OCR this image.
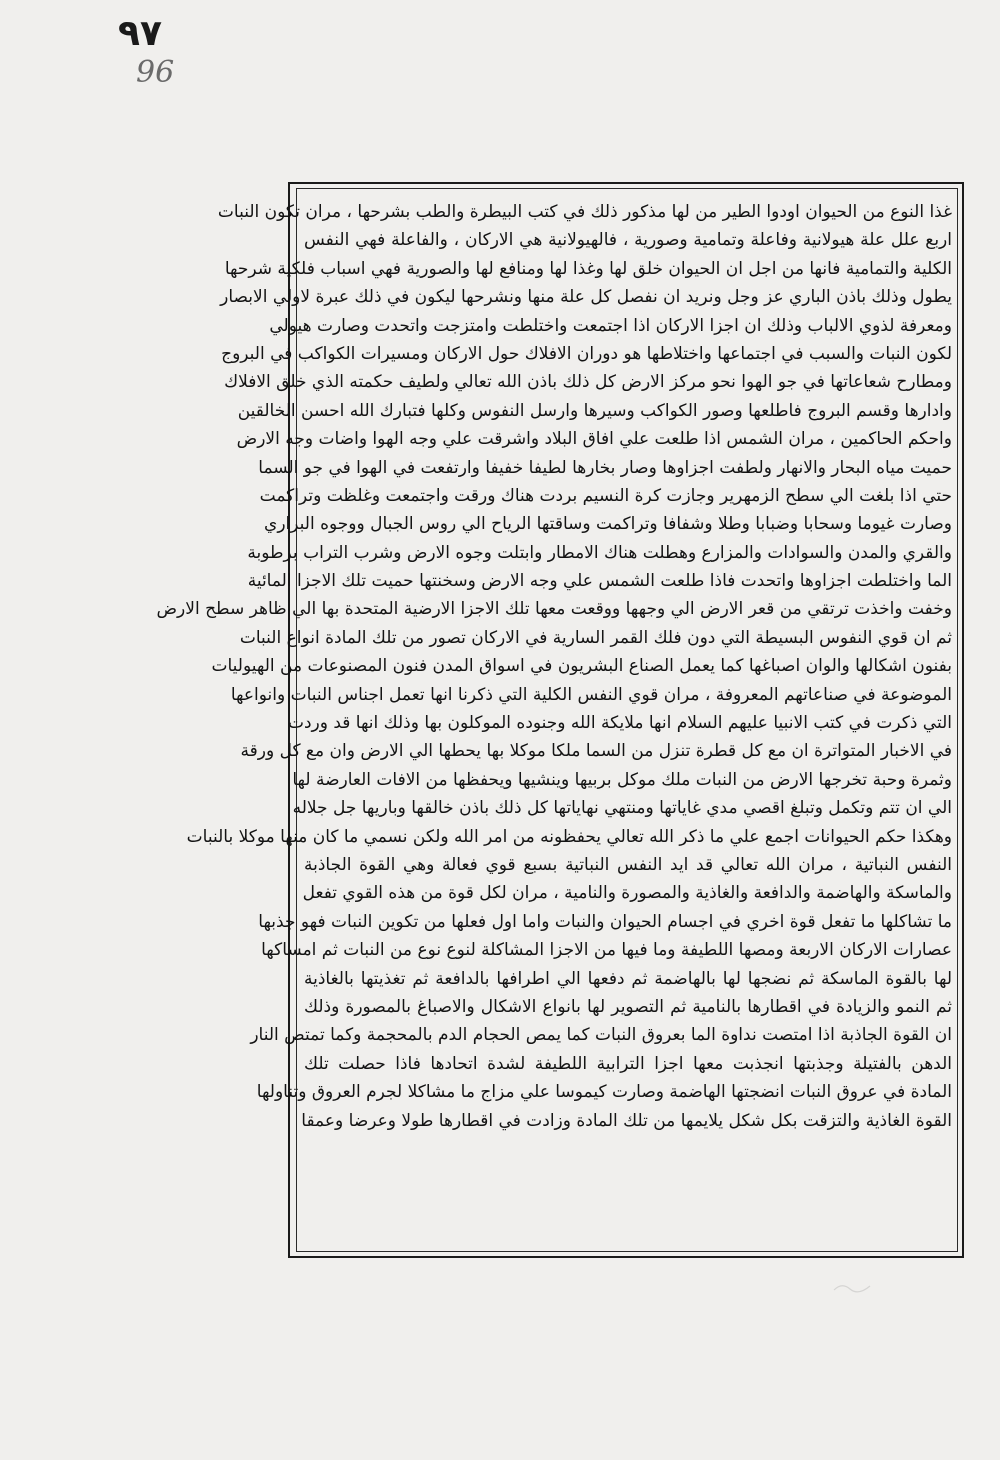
٩٧
96
غذا النوع من الحيوان اودوا الطير من لها مذكور ذلك في كتب البيطرة والطب بشرحها ، مران تكون النبات
اربع علل علة هيولانية وفاعلة وتمامية وصورية ، فالهيولانية هي الاركان ، والفاعلة فهي النفس
الكلية والتمامية فانها من اجل ان الحيوان خلق لها وغذا لها ومنافع لها والصورية فهي اسباب فلكية شرحها
يطول وذلك باذن الباري عز وجل ونريد ان نفصل كل علة منها ونشرحها ليكون في ذلك عبرة لاولي الابصار
ومعرفة لذوي الالباب وذلك ان اجزا الاركان اذا اجتمعت واختلطت وامتزجت واتحدت وصارت هيولي
لكون النبات والسبب في اجتماعها واختلاطها هو دوران الافلاك حول الاركان ومسيرات الكواكب في البروج
ومطارح شعاعاتها في جو الهوا نحو مركز الارض كل ذلك باذن الله تعالي ولطيف حكمته الذي خلق الافلاك
وادارها وقسم البروج فاطلعها وصور الكواكب وسيرها وارسل النفوس وكلها فتبارك الله احسن الخالقين
واحكم الحاكمين ، مران الشمس اذا طلعت علي افاق البلاد واشرقت علي وجه الهوا واضات وجه الارض
حميت مياه البحار والانهار ولطفت اجزاوها وصار بخارها لطيفا خفيفا وارتفعت في الهوا في جو السما
حتي اذا بلغت الي سطح الزمهرير وجازت كرة النسيم بردت هناك ورقت واجتمعت وغلظت وتراكمت
وصارت غيوما وسحابا وضبابا وطلا وشفافا وتراكمت وساقتها الرياح الي روس الجبال ووجوه البراري
والقري والمدن والسوادات والمزارع وهطلت هناك الامطار وابتلت وجوه الارض وشرب التراب برطوبة
الما واختلطت اجزاوها واتحدت فاذا طلعت الشمس علي وجه الارض وسخنتها حميت تلك الاجزا المائية
وخفت واخذت ترتقي من قعر الارض الي وجهها ووقعت معها تلك الاجزا الارضية المتحدة بها الي ظاهر سطح الارض
ثم ان قوي النفوس البسيطة التي دون فلك القمر السارية في الاركان تصور من تلك المادة انواع النبات
بفنون اشكالها والوان اصباغها كما يعمل الصناع البشريون في اسواق المدن فنون المصنوعات من الهيوليات
الموضوعة في صناعاتهم المعروفة ، مران قوي النفس الكلية التي ذكرنا انها تعمل اجناس النبات وانواعها
التي ذكرت في كتب الانبيا عليهم السلام انها ملايكة الله وجنوده الموكلون بها وذلك انها قد وردت
في الاخبار المتواترة ان مع كل قطرة تنزل من السما ملكا موكلا بها يحطها الي الارض وان مع كل ورقة
وثمرة وحبة تخرجها الارض من النبات ملك موكل بربيها وينشيها ويحفظها من الافات العارضة لها
الي ان تتم وتكمل وتبلغ اقصي مدي غاياتها ومنتهي نهاياتها كل ذلك باذن خالقها وباريها جل جلاله
وهكذا حكم الحيوانات اجمع علي ما ذكر الله تعالي يحفظونه من امر الله ولكن نسمي ما كان منها موكلا بالنبات
النفس النباتية ، مران الله تعالي قد ايد النفس النباتية بسبع قوي فعالة وهي القوة الجاذبة
والماسكة والهاضمة والدافعة والغاذية والمصورة والنامية ، مران لكل قوة من هذه القوي تفعل
ما تشاكلها ما تفعل قوة اخري في اجسام الحيوان والنبات واما اول فعلها من تكوين النبات فهو جذبها
عصارات الاركان الاربعة ومصها اللطيفة وما فيها من الاجزا المشاكلة لنوع نوع من النبات ثم امساكها
لها بالقوة الماسكة ثم نضجها لها بالهاضمة ثم دفعها الي اطرافها بالدافعة ثم تغذيتها بالغاذية
ثم النمو والزيادة في اقطارها بالنامية ثم التصوير لها بانواع الاشكال والاصباغ بالمصورة وذلك
ان القوة الجاذبة اذا امتصت نداوة الما بعروق النبات كما يمص الحجام الدم بالمحجمة وكما تمتص النار
الدهن بالفتيلة وجذبتها انجذبت معها اجزا الترابية اللطيفة لشدة اتحادها فاذا حصلت تلك
المادة في عروق النبات انضجتها الهاضمة وصارت كيموسا علي مزاج ما مشاكلا لجرم العروق وتناولها
القوة الغاذية والتزقت بكل شكل يلايمها من تلك المادة وزادت في اقطارها طولا وعرضا وعمقا
